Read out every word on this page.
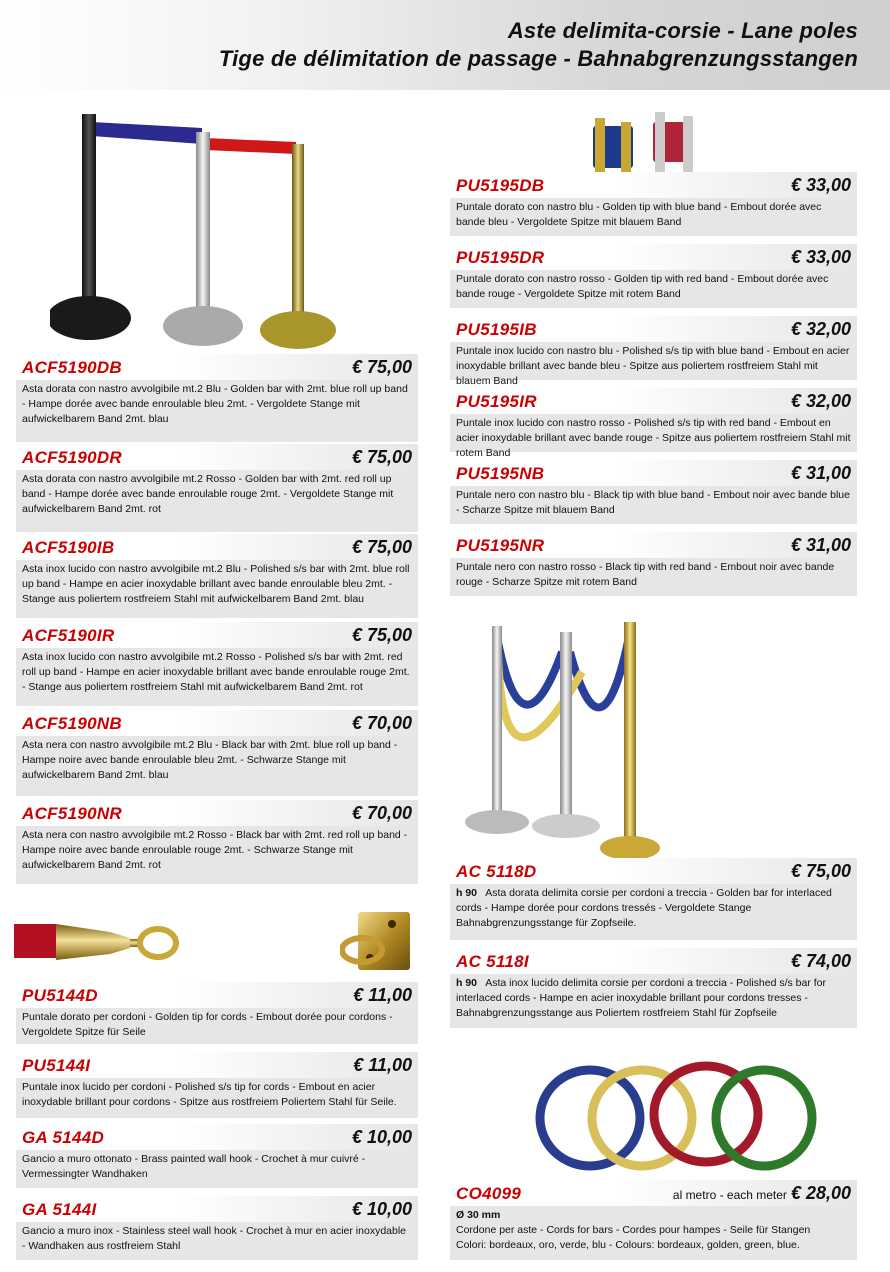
Aste delimita-corsie - Lane poles
Tige de délimitation de passage - Bahnabgrenzungsstangen
ACF5190DB	€ 75,00
Asta dorata con nastro avvolgibile mt.2 Blu - Golden bar with 2mt. blue roll up band - Hampe dorée avec bande enroulable bleu 2mt. - Vergoldete Stange mit aufwickelbarem Band 2mt. blau
ACF5190DR	€ 75,00
Asta dorata con nastro avvolgibile mt.2 Rosso - Golden bar with 2mt. red roll up band - Hampe dorée avec bande enroulable rouge 2mt. - Vergoldete Stange mit aufwickelbarem Band 2mt. rot
ACF5190IB	€ 75,00
Asta inox lucido con nastro avvolgibile mt.2 Blu - Polished s/s bar with 2mt. blue roll up band - Hampe en acier inoxydable brillant avec bande enroulable bleu 2mt. - Stange aus poliertem rostfreiem Stahl mit aufwickelbarem Band 2mt. blau
ACF5190IR	€ 75,00
Asta inox lucido con nastro avvolgibile mt.2 Rosso - Polished s/s bar with 2mt. red roll up band - Hampe en acier inoxydable brillant avec bande enroulable rouge 2mt. - Stange aus poliertem rostfreiem Stahl mit aufwickelbarem Band 2mt. rot
ACF5190NB	€ 70,00
Asta nera con nastro avvolgibile mt.2 Blu - Black bar with 2mt. blue roll up band - Hampe noire avec bande enroulable bleu 2mt. - Schwarze Stange mit aufwickelbarem Band 2mt. blau
ACF5190NR	€ 70,00
Asta nera con nastro avvolgibile mt.2 Rosso - Black bar with 2mt. red roll up band - Hampe noire avec bande enroulable rouge 2mt. - Schwarze Stange mit aufwickelbarem Band 2mt. rot
PU5144D	€ 11,00
Puntale dorato per cordoni - Golden tip for cords - Embout dorée pour cordons - Vergoldete Spitze für Seile
PU5144I	€ 11,00
Puntale inox lucido per cordoni - Polished s/s tip for cords - Embout en acier inoxydable brillant pour cordons - Spitze aus rostfreiem Poliertem Stahl für Seile.
GA 5144D	€ 10,00
Gancio a muro ottonato - Brass painted wall hook - Crochet à mur cuivré - Vermessingter Wandhaken
GA 5144I	€ 10,00
Gancio a muro inox - Stainless steel wall hook - Crochet à mur en acier inoxydable - Wandhaken aus rostfreiem Stahl
PU5195DB	€ 33,00
Puntale dorato con nastro blu - Golden tip with blue band - Embout dorée avec bande bleu - Vergoldete Spitze mit blauem Band
PU5195DR	€ 33,00
Puntale dorato con nastro rosso - Golden tip with red band - Embout dorée avec bande rouge - Vergoldete Spitze mit rotem Band
PU5195IB	€ 32,00
Puntale inox lucido con nastro blu - Polished s/s tip with blue band - Embout en acier inoxydable brillant avec bande bleu - Spitze aus poliertem rostfreiem Stahl mit blauem Band
PU5195IR	€ 32,00
Puntale inox lucido con nastro rosso - Polished s/s tip with red band - Embout en acier inoxydable brillant avec bande rouge - Spitze aus poliertem rostfreiem Stahl mit rotem Band
PU5195NB	€ 31,00
Puntale nero con nastro blu - Black tip with blue band - Embout noir avec bande blue - Scharze Spitze mit blauem Band
PU5195NR	€ 31,00
Puntale nero con nastro rosso - Black tip with red band - Embout noir avec bande rouge - Scharze Spitze mit rotem Band
AC 5118D	€ 75,00
h 90 Asta dorata delimita corsie per cordoni a treccia - Golden bar for interlaced cords - Hampe dorée pour cordons tressés - Vergoldete Stange Bahnabgrenzungsstange für Zopfseile.
AC 5118I	€ 74,00
h 90 Asta inox lucido delimita corsie per cordoni a treccia - Polished s/s bar for interlaced cords - Hampe en acier inoxydable brillant pour cordons tresses - Bahnabgrenzungsstange aus Poliertem rostfreiem Stahl für Zopfseile
CO4099	al metro - each meter € 28,00
Ø 30 mm
Cordone per aste - Cords for bars - Cordes pour hampes - Seile für Stangen
Colori: bordeaux, oro, verde, blu - Colours: bordeaux, golden, green, blue.
